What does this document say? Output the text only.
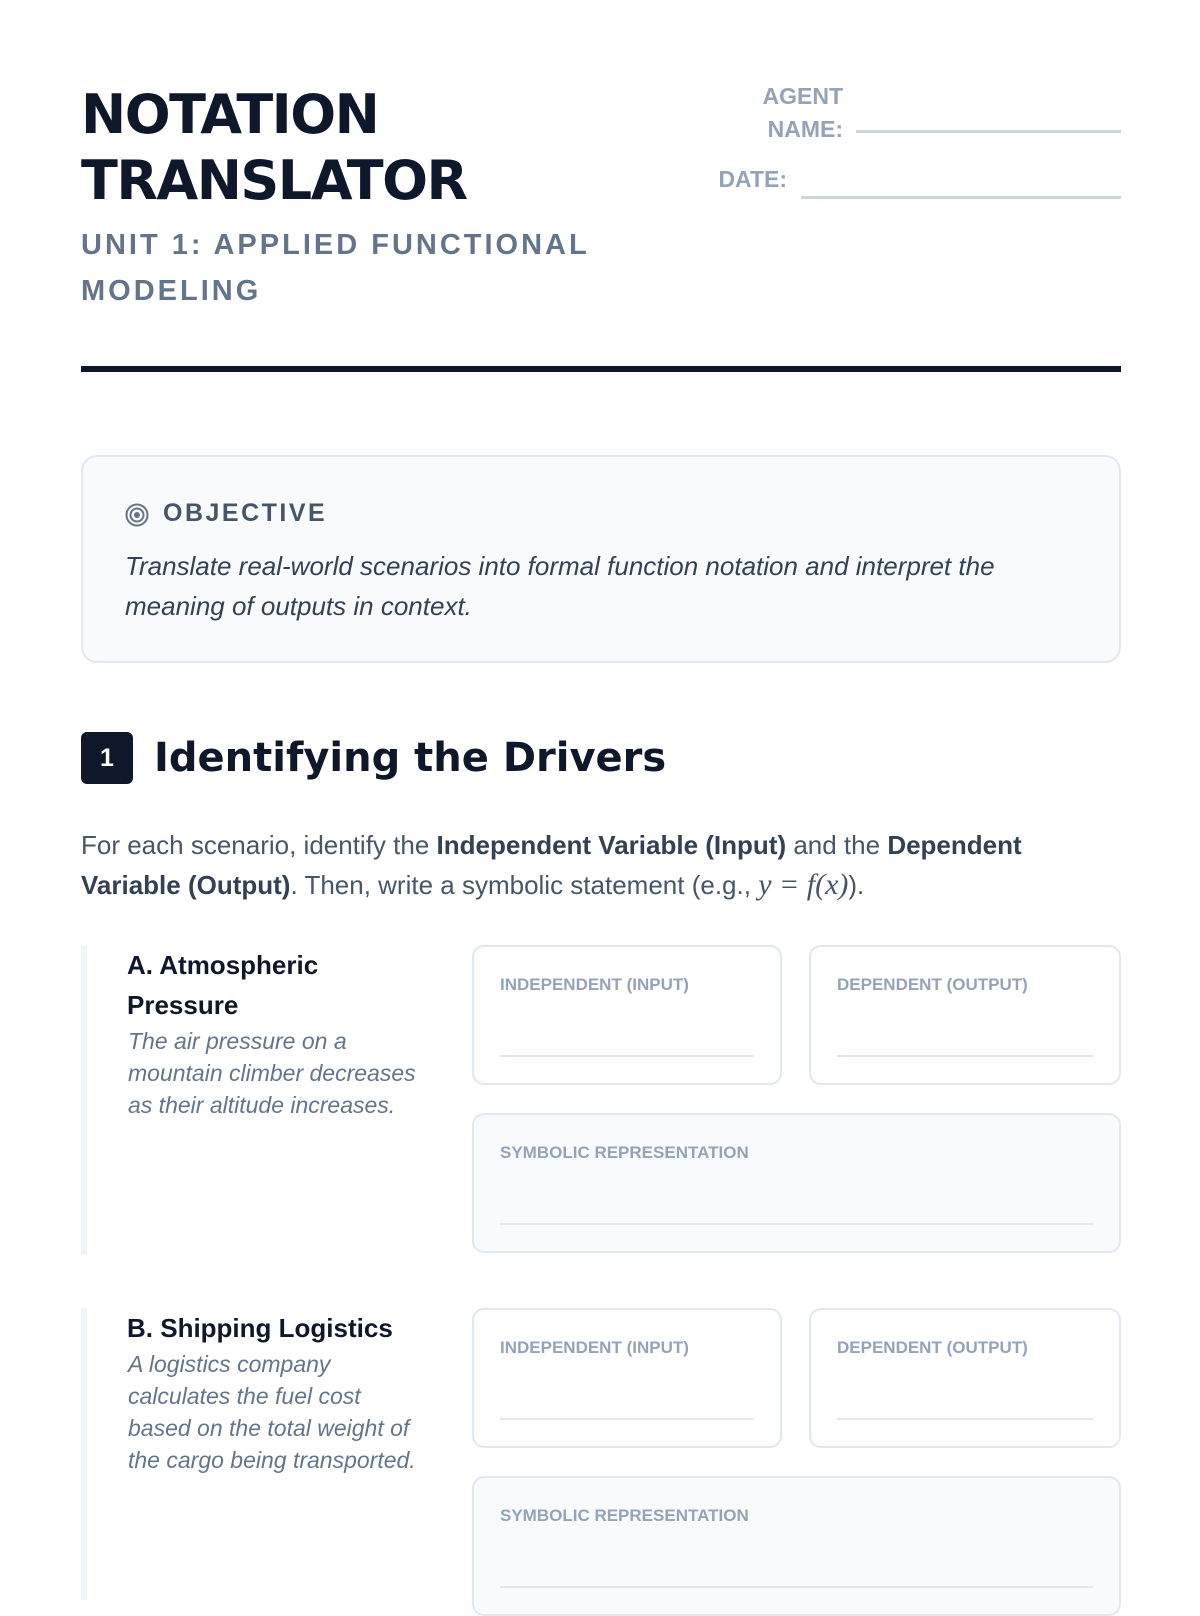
NOTATION
TRANSLATOR
UNIT 1: APPLIED FUNCTIONAL MODELING
AGENT NAME:
DATE:
OBJECTIVE
Translate real-world scenarios into formal function notation and interpret the meaning of outputs in context.
1	Identifying the Drivers
For each scenario, identify the Independent Variable (Input) and the Dependent Variable (Output). Then, write a symbolic statement (e.g., y = f(x)).
A. Atmospheric Pressure
The air pressure on a mountain climber decreases as their altitude increases.
INDEPENDENT (INPUT)	DEPENDENT (OUTPUT)
SYMBOLIC REPRESENTATION
B. Shipping Logistics
A logistics company calculates the fuel cost based on the total weight of the cargo being transported.
INDEPENDENT (INPUT)	DEPENDENT (OUTPUT)
SYMBOLIC REPRESENTATION
